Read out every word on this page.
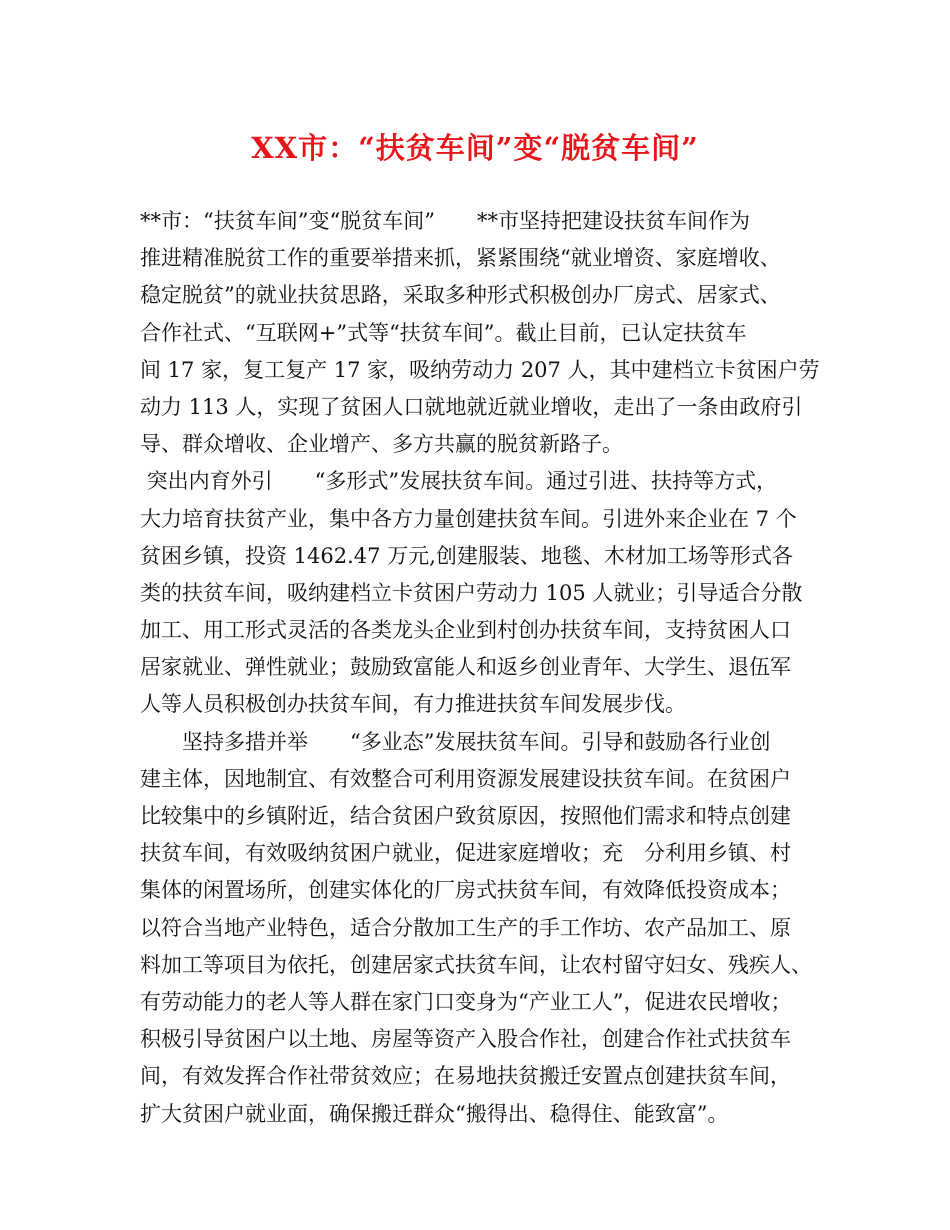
XX市：“扶贫车间”变“脱贫车间”
**市：“扶贫车间”变“脱贫车间”　　**市坚持把建设扶贫车间作为
推进精准脱贫工作的重要举措来抓，紧紧围绕“就业增资、家庭增收、
稳定脱贫”的就业扶贫思路，采取多种形式积极创办厂房式、居家式、
合作社式、“互联网+”式等“扶贫车间”。截止目前，已认定扶贫车
间 17 家，复工复产 17 家，吸纳劳动力 207 人，其中建档立卡贫困户劳
动力 113 人，实现了贫困人口就地就近就业增收，走出了一条由政府引
导、群众增收、企业增产、多方共赢的脱贫新路子。
突出内育外引　　“多形式”发展扶贫车间。通过引进、扶持等方式，
大力培育扶贫产业，集中各方力量创建扶贫车间。引进外来企业在 7 个
贫困乡镇，投资 1462.47 万元,创建服装、地毯、木材加工场等形式各
类的扶贫车间，吸纳建档立卡贫困户劳动力 105 人就业；引导适合分散
加工、用工形式灵活的各类龙头企业到村创办扶贫车间，支持贫困人口
居家就业、弹性就业；鼓励致富能人和返乡创业青年、大学生、退伍军
人等人员积极创办扶贫车间，有力推进扶贫车间发展步伐。
　　坚持多措并举　　“多业态”发展扶贫车间。引导和鼓励各行业创
建主体，因地制宜、有效整合可利用资源发展建设扶贫车间。在贫困户
比较集中的乡镇附近，结合贫困户致贫原因，按照他们需求和特点创建
扶贫车间，有效吸纳贫困户就业，促进家庭增收；充　分利用乡镇、村
集体的闲置场所，创建实体化的厂房式扶贫车间，有效降低投资成本；
以符合当地产业特色，适合分散加工生产的手工作坊、农产品加工、原
料加工等项目为依托，创建居家式扶贫车间，让农村留守妇女、残疾人、
有劳动能力的老人等人群在家门口变身为“产业工人”，促进农民增收；
积极引导贫困户以土地、房屋等资产入股合作社，创建合作社式扶贫车
间，有效发挥合作社带贫效应；在易地扶贫搬迁安置点创建扶贫车间，
扩大贫困户就业面，确保搬迁群众“搬得出、稳得住、能致富”。
